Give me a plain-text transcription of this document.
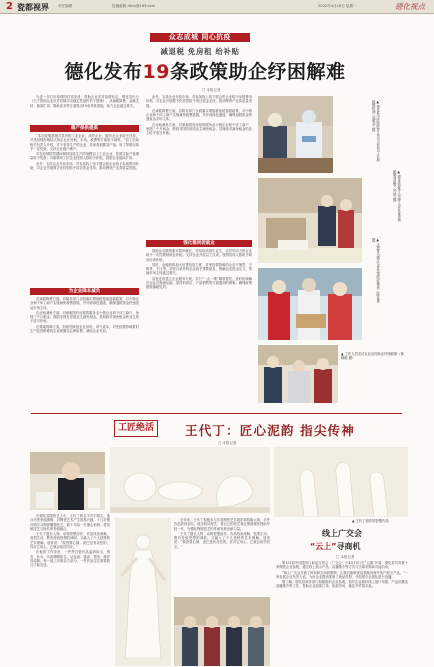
2 瓷都视界	责任编辑	投稿邮箱 dhrb@163.com	2022年4月18日 星期一	德化视点
众志成城 同心抗疫
减退税 免房租 给补贴
德化发布19条政策助企纾困解难
□ 本报记者

为进一步打好疫情防控攻坚战，帮助企业应对疫情冲击，德化县出台《关于帮助企业应对疫情冲击稳定发展的若干措施》，从减税降费、金融支持、稳岗扩岗、降低成本等方面提出19条具体措施，助力企业渡过难关。

稳产保供提质

“本次政策措施对县内的工业企业、商贸企业、服务业企业给予扶持，对受疫情影响较大的企业在房租、水电、税费等方面给予减免。”县工信局相关负责人介绍，对于坚持生产的企业，县里将根据其产值、用工等情况给予一定奖励，支持企业稳产满产。

对在疫情防控期间保持连续生产的规模以上工业企业，按照实际产值增量给予奖励；对新增用工的企业按照人数给予补贴，鼓励企业稳岗扩岗。

此外，支持企业开拓市场，对参加线上线下展会的企业给予参展费用补贴，对企业开展数字化转型给予项目资金支持，推动陶瓷产业高质量发展。

为企业降本减负

在减税降费方面，县税务部门全面落实增值税留抵退税政策，对小微企业和个体工商户实施减免税费措施，并开辟绿色通道，确保退税资金快速直达市场主体。

在房租减免方面，对承租国有房屋的服务业小微企业和个体工商户，免除三个月租金，鼓励非国有房屋业主减免租金，县财政对减免租金的业主给予适当补助。

在要素保障方面，阶段性降低企业用电、用气成本，对受疫情影响暂时生产经营困难的企业缓缴社会保险费，减轻企业负担。

此外，支持企业开拓市场，对参加线上线下展会的企业给予参展费用补贴，对企业开展数字化转型给予项目资金支持，推动陶瓷产业高质量发展。

在减税降费方面，县税务部门全面落实增值税留抵退税政策，对小微企业和个体工商户实施减免税费措施，并开辟绿色通道，确保退税资金快速直达市场主体。

在房租减免方面，对承租国有房屋的服务业小微企业和个体工商户，免除三个月租金，鼓励非国有房屋业主减免租金，县财政对减免租金的业主给予适当补助。

强化稳岗促就业

鼓励企业吸纳重点群体就业，对招用高校毕业生、农村劳动力的企业给予一次性吸纳就业补贴。支持企业开展以工代训，按照培训人数给予职业培训补贴。

同时，金融机构加大信贷投放力度，对受疫情影响的企业不抽贷、不断贷、不压贷，对符合条件的企业给予贷款贴息，缓解企业资金压力，帮助市场主体渡过难关。

县里还将建立企业服务专班，实行“一企一策”精准帮扶，及时协调解决企业在物流运输、原材料供应、产品销售等方面遇到的困难，确保政策措施落地见效。

▲ 德化县中医院医务人员为企业员工开展核酸检测（郑明华 摄）
▲ 志愿者为辖区企业运送防疫物资（陈佳惠 摄）
▲ 工作人员走访企业宣传助企纾困政策（林晓聪 摄）
▲ 德化县税务人员深入企业宣讲减税降费政策（苏婷 摄）
工匠绝活	王代丁：匠心泥韵 指尖传神
□ 本报记者
▲ 王代丁创作的瓷塑作品

在德化县陶瓷艺人中，王代丁的名字并不陌生。他自幼受家庭熏陶，对陶瓷艺术产生浓厚兴趣，十几岁便开始学习陶瓷雕塑技艺，数十年如一日潜心钻研，将传统技艺与现代审美相融合。

王代丁擅长人物、动物瓷塑创作，作品线条流畅、造型生动，既有传统瓷塑的神韵，又融入了个人独特的艺术理解。他常说：“做瓷要心静，泥巴是有灵性的，你对它用心，它就会给你回应。”

在他的工作室里，一件件白瓷作品温润如玉，观音、仕女、鸟兽栩栩如生。从选泥、揉泥、塑形、修坯到烧制，每一道工序都亲力亲为，一件作品往往需要数月才能完成。

近年来，王代丁积极参与各类陶瓷艺术展览和技能大赛，多件作品获得金奖。他还收徒授艺，将自己的技艺毫无保留地传授给年轻一代，为德化陶瓷技艺的传承发展贡献力量。

王代丁擅长人物、动物瓷塑创作，作品线条流畅、造型生动，既有传统瓷塑的神韵，又融入了个人独特的艺术理解。他常说：“做瓷要心静，泥巴是有灵性的，你对它用心，它就会给你回应。”

线上广交会
“云上”寻商机
□ 本报记者

第131届中国进出口商品交易会（广交会）于4月15日在“云端”开幕，德化县共有数十家陶瓷企业参展，通过线上展示产品、直播推介等方式与全球采购商对接洽谈。

“线上广交会打破了时间和空间的限制，让我们能够更直观地向海外客户展示产品。”一家参展企业负责人说，为此企业提前准备了新品样册，并组建专业团队进行直播。

据了解，德化县商务部门积极组织企业参展，指导企业做好线上展厅布置、产品拍摄及直播推介等工作，帮助企业抢抓订单、拓展市场，稳住外贸基本盘。
